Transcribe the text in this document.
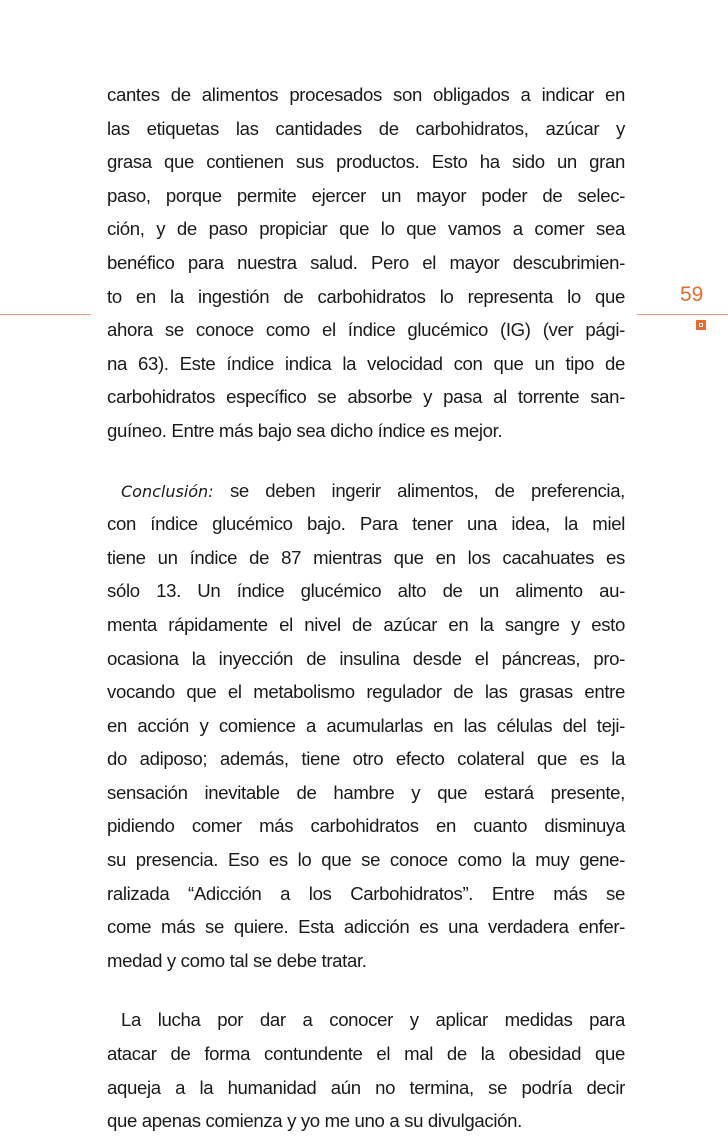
59
cantes de alimentos procesados son obligados a indicar en
las etiquetas las cantidades de carbohidratos, azúcar y
grasa que contienen sus productos. Esto ha sido un gran
paso, porque permite ejercer un mayor poder de selec-
ción, y de paso propiciar que lo que vamos a comer sea
benéfico para nuestra salud. Pero el mayor descubrimien-
to en la ingestión de carbohidratos lo representa lo que
ahora se conoce como el índice glucémico (IG) (ver pági-
na 63). Este índice indica la velocidad con que un tipo de
carbohidratos específico se absorbe y pasa al torrente san-
guíneo. Entre más bajo sea dicho índice es mejor.
Conclusión: se deben ingerir alimentos, de preferencia,
con índice glucémico bajo. Para tener una idea, la miel
tiene un índice de 87 mientras que en los cacahuates es
sólo 13. Un índice glucémico alto de un alimento au-
menta rápidamente el nivel de azúcar en la sangre y esto
ocasiona la inyección de insulina desde el páncreas, pro-
vocando que el metabolismo regulador de las grasas entre
en acción y comience a acumularlas en las células del teji-
do adiposo; además, tiene otro efecto colateral que es la
sensación inevitable de hambre y que estará presente,
pidiendo comer más carbohidratos en cuanto disminuya
su presencia. Eso es lo que se conoce como la muy gene-
ralizada “Adicción a los Carbohidratos”. Entre más se
come más se quiere. Esta adicción es una verdadera enfer-
medad y como tal se debe tratar.
La lucha por dar a conocer y aplicar medidas para
atacar de forma contundente el mal de la obesidad que
aqueja a la humanidad aún no termina, se podría decir
que apenas comienza y yo me uno a su divulgación.
